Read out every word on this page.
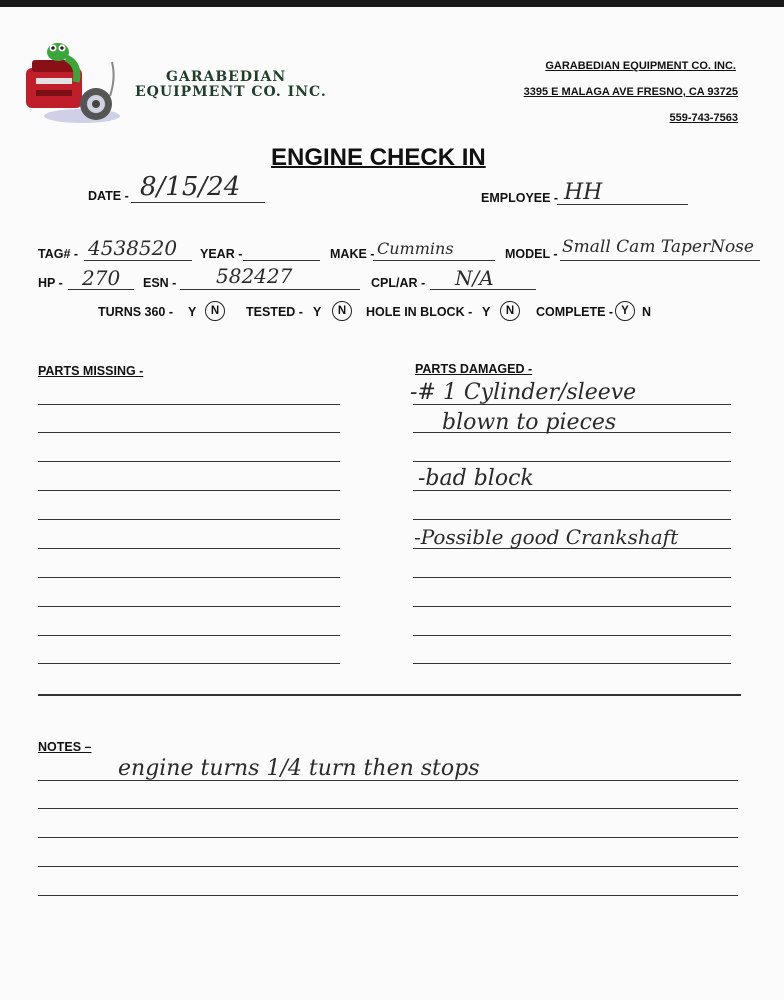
GARABEDIAN
EQUIPMENT CO. INC.
GARABEDIAN EQUIPMENT CO. INC.
3395 E MALAGA AVE FRESNO, CA 93725
559-743-7563
ENGINE CHECK IN
DATE - 8/15/24	EMPLOYEE - HH
TAG# - 4538520 YEAR -	MAKE - Cummins	MODEL - Small Cam TaperNose
HP - 270 ESN - 582427	CPL/AR - N/A
TURNS 360 - Y	N	TESTED - Y	N	HOLE IN BLOCK - Y	N	COMPLETE - Y	N
PARTS MISSING -	PARTS DAMAGED -
-# 1 Cylinder/sleeve
blown to pieces
-bad block
-Possible good Crankshaft
NOTES –
engine turns 1/4 turn then stops
